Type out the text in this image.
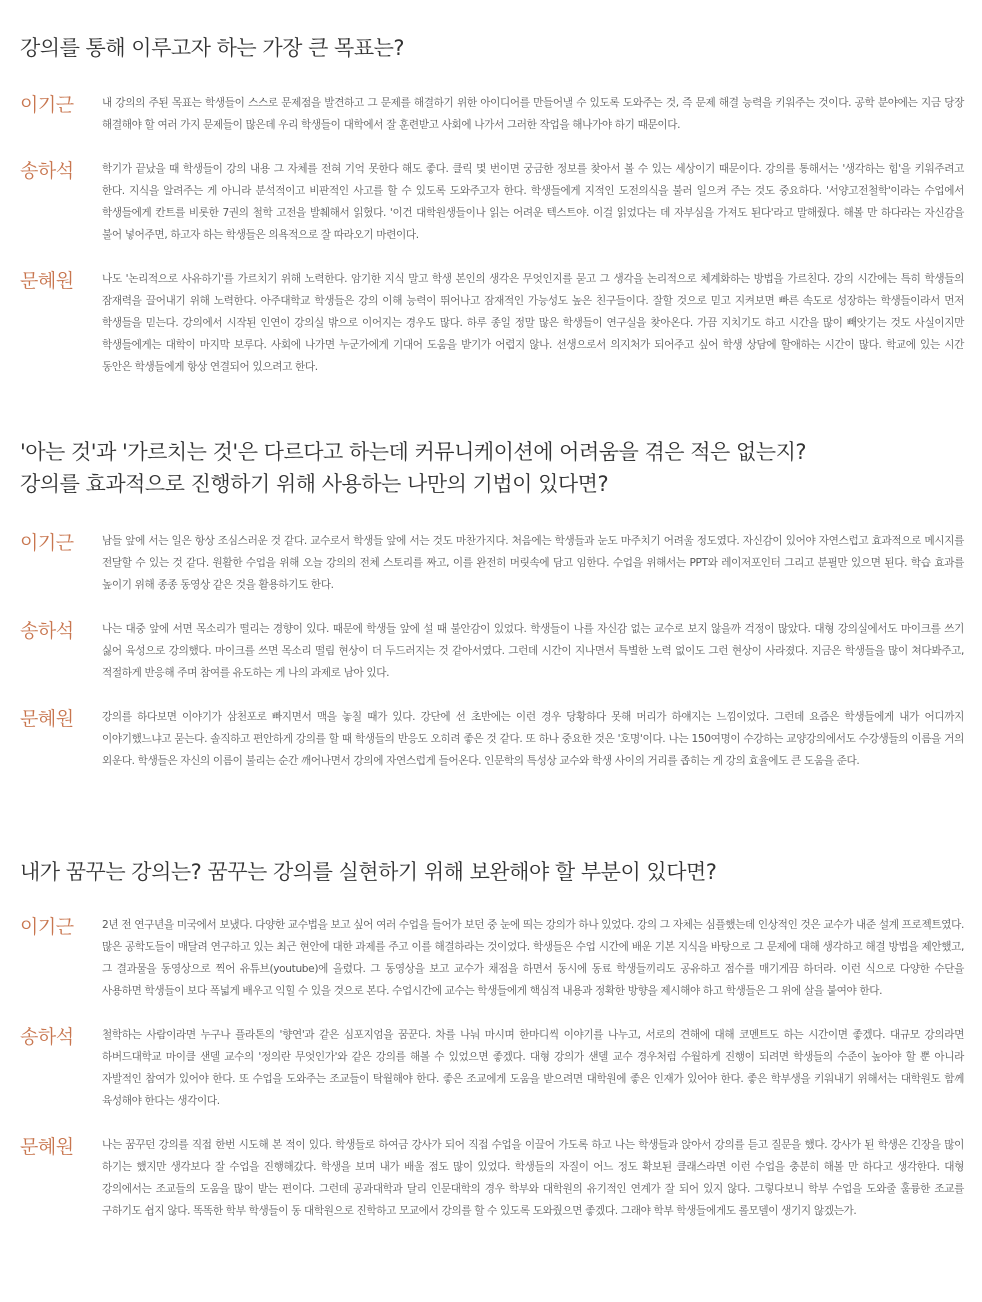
강의를 통해 이루고자 하는 가장 큰 목표는?
이기근	내 강의의 주된 목표는 학생들이 스스로 문제점을 발견하고 그 문제를 해결하기 위한 아이디어를 만들어낼 수 있도록 도와주는 것, 즉 문제 해결 능력을 키워주는 것이다. 공학 분야에는 지금 당장 해결해야 할 여러 가지 문제들이 많은데 우리 학생들이 대학에서 잘 훈련받고 사회에 나가서 그러한 작업을 해나가야 하기 때문이다.

송하석	학기가 끝났을 때 학생들이 강의 내용 그 자체를 전혀 기억 못한다 해도 좋다. 클릭 몇 번이면 궁금한 정보를 찾아서 볼 수 있는 세상이기 때문이다. 강의를 통해서는 '생각하는 힘'을 키워주려고 한다. 지식을 알려주는 게 아니라 분석적이고 비판적인 사고를 할 수 있도록 도와주고자 한다. 학생들에게 지적인 도전의식을 불러 일으켜 주는 것도 중요하다. '서양고전철학'이라는 수업에서 학생들에게 칸트를 비롯한 7권의 철학 고전을 발췌해서 읽혔다. '이건 대학원생들이나 읽는 어려운 텍스트야. 이걸 읽었다는 데 자부심을 가져도 된다'라고 말해줬다. 해볼 만 하다라는 자신감을 불어 넣어주면, 하고자 하는 학생들은 의욕적으로 잘 따라오기 마련이다.

문혜원	나도 '논리적으로 사유하기'를 가르치기 위해 노력한다. 암기한 지식 말고 학생 본인의 생각은 무엇인지를 묻고 그 생각을 논리적으로 체계화하는 방법을 가르친다. 강의 시간에는 특히 학생들의 잠재력을 끌어내기 위해 노력한다. 아주대학교 학생들은 강의 이해 능력이 뛰어나고 잠재적인 가능성도 높은 친구들이다. 잘할 것으로 믿고 지켜보면 빠른 속도로 성장하는 학생들이라서 먼저 학생들을 믿는다. 강의에서 시작된 인연이 강의실 밖으로 이어지는 경우도 많다. 하루 종일 정말 많은 학생들이 연구실을 찾아온다. 가끔 지치기도 하고 시간을 많이 빼앗기는 것도 사실이지만 학생들에게는 대학이 마지막 보루다. 사회에 나가면 누군가에게 기대어 도움을 받기가 어렵지 않나. 선생으로서 의지처가 되어주고 싶어 학생 상담에 할애하는 시간이 많다. 학교에 있는 시간 동안은 학생들에게 항상 연결되어 있으려고 한다.

'아는 것'과 '가르치는 것'은 다르다고 하는데 커뮤니케이션에 어려움을 겪은 적은 없는지?
강의를 효과적으로 진행하기 위해 사용하는 나만의 기법이 있다면?
이기근	남들 앞에 서는 일은 항상 조심스러운 것 같다. 교수로서 학생들 앞에 서는 것도 마찬가지다. 처음에는 학생들과 눈도 마주치기 어려울 정도였다. 자신감이 있어야 자연스럽고 효과적으로 메시지를 전달할 수 있는 것 같다. 원활한 수업을 위해 오늘 강의의 전체 스토리를 짜고, 이를 완전히 머릿속에 담고 임한다. 수업을 위해서는 PPT와 레이저포인터 그리고 분필만 있으면 된다. 학습 효과를 높이기 위해 종종 동영상 같은 것을 활용하기도 한다.

송하석	나는 대중 앞에 서면 목소리가 떨리는 경향이 있다. 때문에 학생들 앞에 설 때 불안감이 있었다. 학생들이 나를 자신감 없는 교수로 보지 않을까 걱정이 많았다. 대형 강의실에서도 마이크를 쓰기 싫어 육성으로 강의했다. 마이크를 쓰면 목소리 떨림 현상이 더 두드러지는 것 같아서였다. 그런데 시간이 지나면서 특별한 노력 없이도 그런 현상이 사라졌다. 지금은 학생들을 많이 쳐다봐주고, 적절하게 반응해 주며 참여를 유도하는 게 나의 과제로 남아 있다.

문혜원	강의를 하다보면 이야기가 삼천포로 빠지면서 맥을 놓칠 때가 있다. 강단에 선 초반에는 이런 경우 당황하다 못해 머리가 하얘지는 느낌이었다. 그런데 요즘은 학생들에게 내가 어디까지 이야기했느냐고 묻는다. 솔직하고 편안하게 강의를 할 때 학생들의 반응도 오히려 좋은 것 같다. 또 하나 중요한 것은 '호명'이다. 나는 150여명이 수강하는 교양강의에서도 수강생들의 이름을 거의 외운다. 학생들은 자신의 이름이 불리는 순간 깨어나면서 강의에 자연스럽게 들어온다. 인문학의 특성상 교수와 학생 사이의 거리를 좁히는 게 강의 효율에도 큰 도움을 준다.

내가 꿈꾸는 강의는? 꿈꾸는 강의를 실현하기 위해 보완해야 할 부분이 있다면?
이기근	2년 전 연구년을 미국에서 보냈다. 다양한 교수법을 보고 싶어 여러 수업을 들어가 보던 중 눈에 띄는 강의가 하나 있었다. 강의 그 자체는 심플했는데 인상적인 것은 교수가 내준 설계 프로젝트였다. 많은 공학도들이 매달려 연구하고 있는 최근 현안에 대한 과제를 주고 이를 해결하라는 것이었다. 학생들은 수업 시간에 배운 기본 지식을 바탕으로 그 문제에 대해 생각하고 해결 방법을 제안했고, 그 결과물을 동영상으로 찍어 유튜브(youtube)에 올렸다. 그 동영상을 보고 교수가 채점을 하면서 동시에 동료 학생들끼리도 공유하고 점수를 매기게끔 하더라. 이런 식으로 다양한 수단을 사용하면 학생들이 보다 폭넓게 배우고 익힐 수 있을 것으로 본다. 수업시간에 교수는 학생들에게 핵심적 내용과 정확한 방향을 제시해야 하고 학생들은 그 위에 살을 붙여야 한다.

송하석	철학하는 사람이라면 누구나 플라톤의 '향연'과 같은 심포지엄을 꿈꾼다. 차를 나눠 마시며 한마디씩 이야기를 나누고, 서로의 견해에 대해 코멘트도 하는 시간이면 좋겠다. 대규모 강의라면 하버드대학교 마이클 샌델 교수의 '정의란 무엇인가'와 같은 강의를 해볼 수 있었으면 좋겠다. 대형 강의가 샌델 교수 경우처럼 수월하게 진행이 되려면 학생들의 수준이 높아야 할 뿐 아니라 자발적인 참여가 있어야 한다. 또 수업을 도와주는 조교들이 탁월해야 한다. 좋은 조교에게 도움을 받으려면 대학원에 좋은 인재가 있어야 한다. 좋은 학부생을 키워내기 위해서는 대학원도 함께 육성해야 한다는 생각이다.

문혜원	나는 꿈꾸던 강의를 직접 한번 시도해 본 적이 있다. 학생들로 하여금 강사가 되어 직접 수업을 이끌어 가도록 하고 나는 학생들과 앉아서 강의를 듣고 질문을 했다. 강사가 된 학생은 긴장을 많이 하기는 했지만 생각보다 잘 수업을 진행해갔다. 학생을 보며 내가 배울 점도 많이 있었다. 학생들의 자질이 어느 정도 확보된 클래스라면 이런 수업을 충분히 해볼 만 하다고 생각한다. 대형 강의에서는 조교들의 도움을 많이 받는 편이다. 그런데 공과대학과 달리 인문대학의 경우 학부와 대학원의 유기적인 연계가 잘 되어 있지 않다. 그렇다보니 학부 수업을 도와줄 훌륭한 조교를 구하기도 쉽지 않다. 똑똑한 학부 학생들이 동 대학원으로 진학하고 모교에서 강의를 할 수 있도록 도와줬으면 좋겠다. 그래야 학부 학생들에게도 롤모델이 생기지 않겠는가.
